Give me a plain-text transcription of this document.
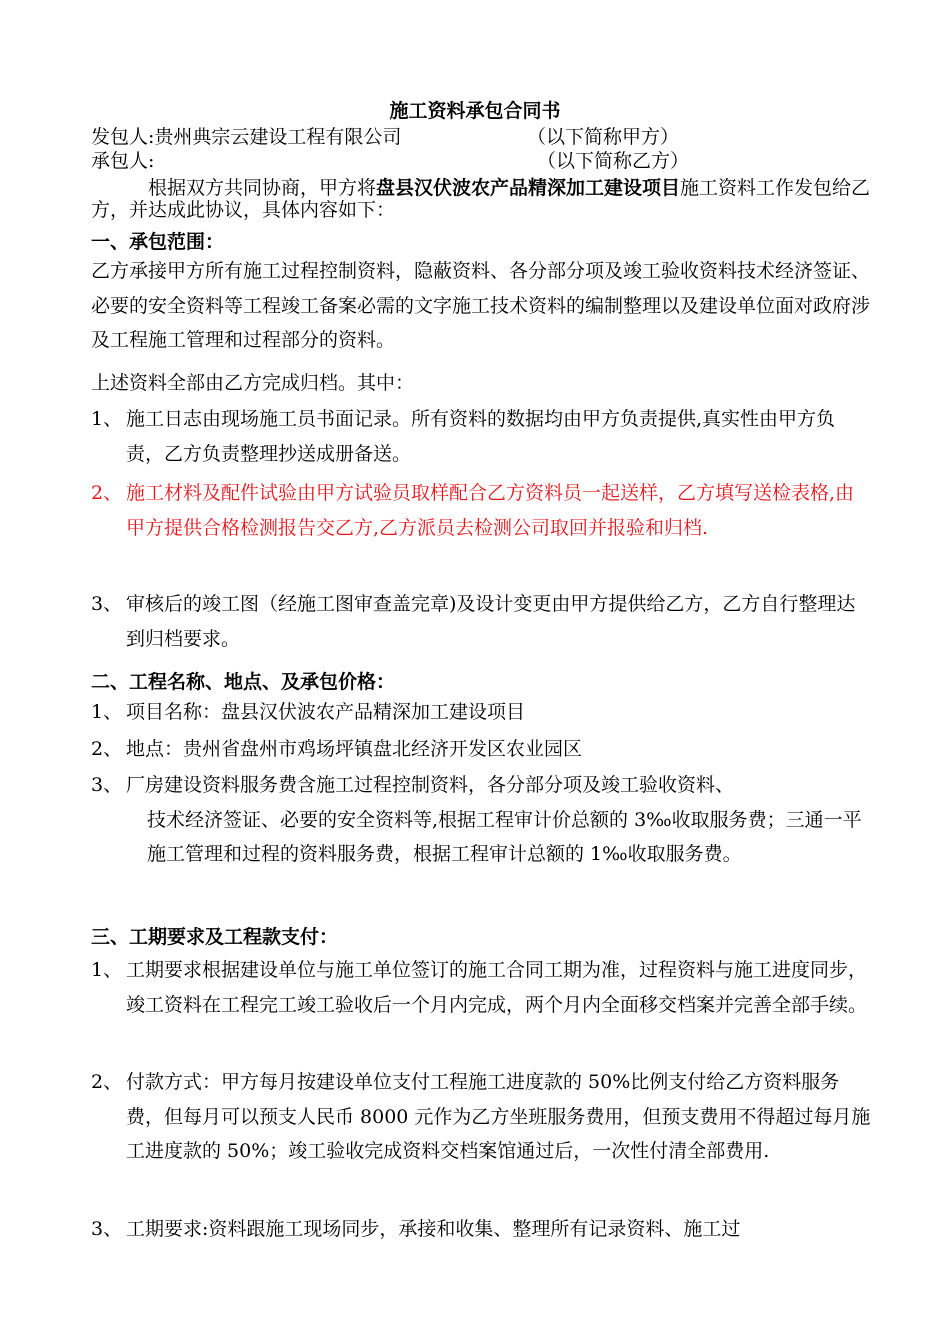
施工资料承包合同书
发包人:贵州典宗云建设工程有限公司	（以下简称甲方）
承包人:	（以下简称乙方）
根据双方共同协商，甲方将盘县汉伏波农产品精深加工建设项目施工资料工作发包给乙方，并达成此协议，具体内容如下：
一、承包范围：
乙方承接甲方所有施工过程控制资料，隐蔽资料、各分部分项及竣工验收资料技术经济签证、必要的安全资料等工程竣工备案必需的文字施工技术资料的编制整理以及建设单位面对政府涉及工程施工管理和过程部分的资料。
上述资料全部由乙方完成归档。其中：
1、 施工日志由现场施工员书面记录。所有资料的数据均由甲方负责提供,真实性由甲方负责，乙方负责整理抄送成册备送。
2、 施工材料及配件试验由甲方试验员取样配合乙方资料员一起送样，乙方填写送检表格,由甲方提供合格检测报告交乙方,乙方派员去检测公司取回并报验和归档.
3、 审核后的竣工图（经施工图审查盖完章)及设计变更由甲方提供给乙方，乙方自行整理达到归档要求。
二、工程名称、地点、及承包价格：
1、 项目名称：盘县汉伏波农产品精深加工建设项目
2、 地点：贵州省盘州市鸡场坪镇盘北经济开发区农业园区
3、 厂房建设资料服务费含施工过程控制资料，各分部分项及竣工验收资料、
技术经济签证、必要的安全资料等,根据工程审计价总额的 3‰收取服务费；三通一平施工管理和过程的资料服务费，根据工程审计总额的 1‰收取服务费。
三、工期要求及工程款支付：
1、 工期要求根据建设单位与施工单位签订的施工合同工期为准，过程资料与施工进度同步，竣工资料在工程完工竣工验收后一个月内完成，两个月内全面移交档案并完善全部手续。
2、 付款方式：甲方每月按建设单位支付工程施工进度款的 50%比例支付给乙方资料服务费，但每月可以预支人民币 8000 元作为乙方坐班服务费用，但预支费用不得超过每月施工进度款的 50%；竣工验收完成资料交档案馆通过后，一次性付清全部费用.
3、 工期要求:资料跟施工现场同步，承接和收集、整理所有记录资料、施工过
